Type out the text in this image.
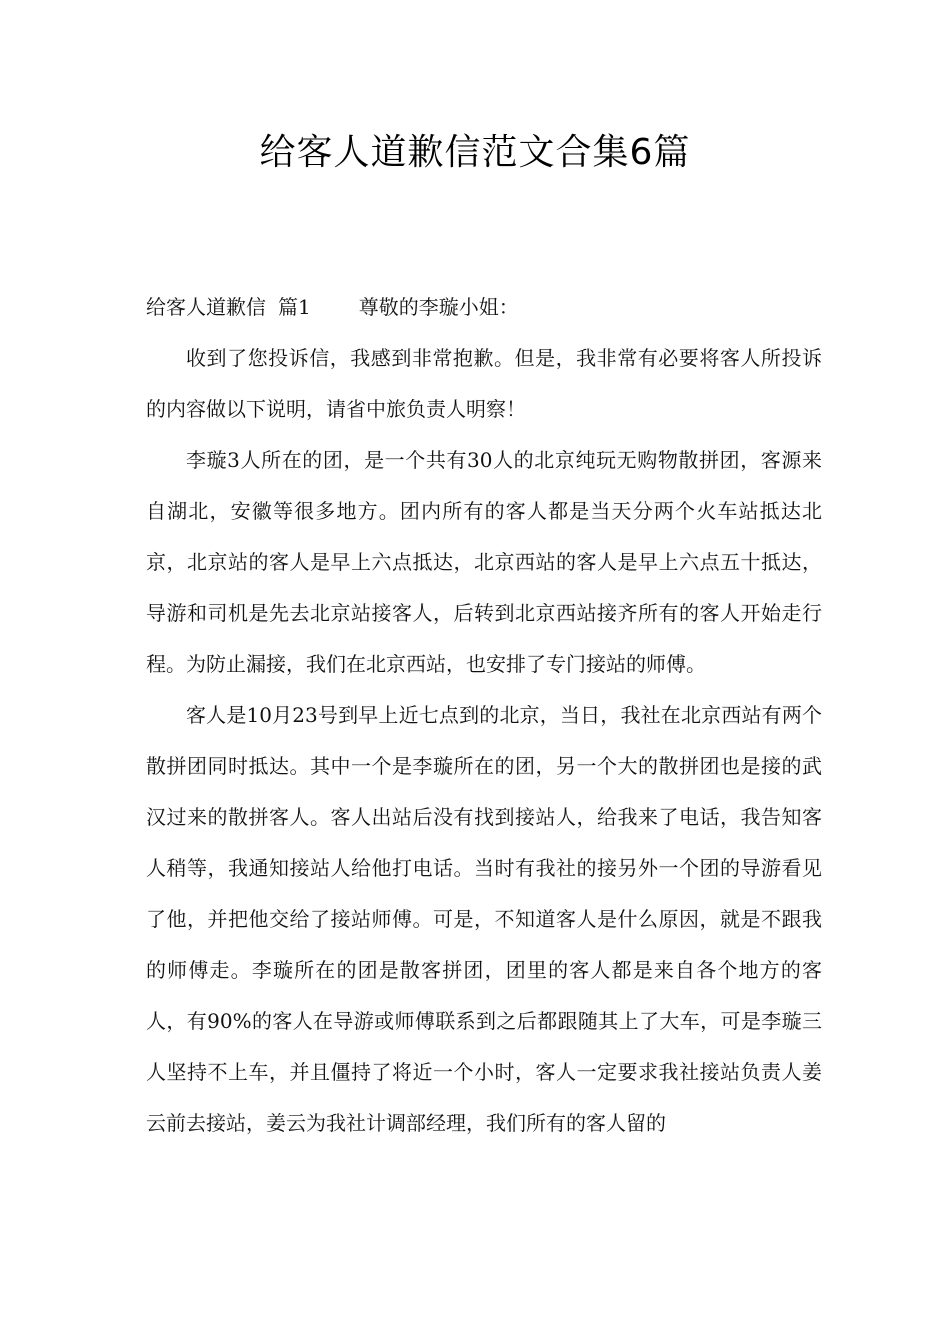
给客人道歉信范文合集6篇

给客人道歉信 篇1 尊敬的李璇小姐：

收到了您投诉信，我感到非常抱歉。但是，我非常有必要将客人所投诉的内容做以下说明，请省中旅负责人明察！

李璇3人所在的团，是一个共有30人的北京纯玩无购物散拼团，客源来自湖北，安徽等很多地方。团内所有的客人都是当天分两个火车站抵达北京，北京站的客人是早上六点抵达，北京西站的客人是早上六点五十抵达，导游和司机是先去北京站接客人，后转到北京西站接齐所有的客人开始走行程。为防止漏接，我们在北京西站，也安排了专门接站的师傅。

客人是10月23号到早上近七点到的北京，当日，我社在北京西站有两个散拼团同时抵达。其中一个是李璇所在的团，另一个大的散拼团也是接的武汉过来的散拼客人。客人出站后没有找到接站人，给我来了电话，我告知客人稍等，我通知接站人给他打电话。当时有我社的接另外一个团的导游看见了他，并把他交给了接站师傅。可是，不知道客人是什么原因，就是不跟我的师傅走。李璇所在的团是散客拼团，团里的客人都是来自各个地方的客人，有90%的客人在导游或师傅联系到之后都跟随其上了大车，可是李璇三人坚持不上车，并且僵持了将近一个小时，客人一定要求我社接站负责人姜云前去接站，姜云为我社计调部经理，我们所有的客人留的
